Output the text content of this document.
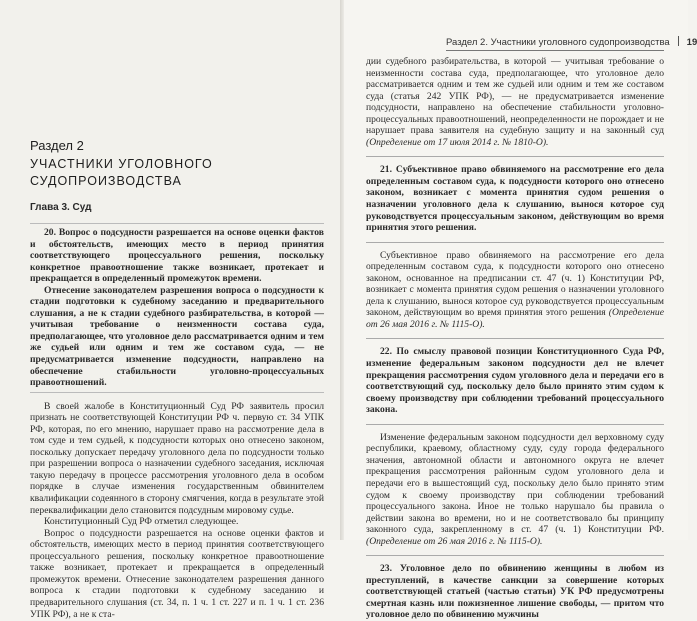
Раздел 2
УЧАСТНИКИ УГОЛОВНОГО
СУДОПРОИЗВОДСТВА
Глава 3. Суд

20. Вопрос о подсудности разрешается на основе оценки фактов и обстоятельств, имеющих место в период принятия соответствующего процессуального решения, поскольку конкретное правоотношение также возникает, протекает и прекращается в определенный промежуток времени.

Отнесение законодателем разрешения вопроса о подсудности к стадии подготовки к судебному заседанию и предварительного слушания, а не к стадии судебного разбирательства, в которой — учитывая требование о неизменности состава суда, предполагающее, что уголовное дело рассматривается одним и тем же судьей или одним и тем же составом суда, — не предусматривается изменение подсудности, направлено на обеспечение стабильности уголовно-процессуальных правоотношений.

В своей жалобе в Конституционный Суд РФ заявитель просил признать не соответствующей Конституции РФ ч. первую ст. 34 УПК РФ, которая, по его мнению, нарушает право на рассмотрение дела в том суде и тем судьей, к подсудности которых оно отнесено законом, поскольку допускает передачу уголовного дела по подсудности только при разрешении вопроса о назначении судебного заседания, исключая такую передачу в процессе рассмотрения уголовного дела в особом порядке в случае изменения государственным обвинителем квалификации содеянного в сторону смягчения, когда в результате этой переквалификации дело становится подсудным мировому судье.

Конституционный Суд РФ отметил следующее.

Вопрос о подсудности разрешается на основе оценки фактов и обстоятельств, имеющих место в период принятия соответствующего процессуального решения, поскольку конкретное правоотношение также возникает, протекает и прекращается в определенный промежуток времени. Отнесение законодателем разрешения данного вопроса к стадии подготовки к судебному заседанию и предварительного слушания (ст. 34, п. 1 ч. 1 ст. 227 и п. 1 ч. 1 ст. 236 УПК РФ), а не к ста-

Раздел 2. Участники уголовного судопроизводства 19

дии судебного разбирательства, в которой — учитывая требование о неизменности состава суда, предполагающее, что уголовное дело рассматривается одним и тем же судьей или одним и тем же составом суда (статья 242 УПК РФ), — не предусматривается изменение подсудности, направлено на обеспечение стабильности уголовно-процессуальных правоотношений, неопределенности не порождает и не нарушает права заявителя на судебную защиту и на законный суд (Определение от 17 июля 2014 г. № 1810-О).

21. Субъективное право обвиняемого на рассмотрение его дела определенным составом суда, к подсудности которого оно отнесено законом, возникает с момента принятия судом решения о назначении уголовного дела к слушанию, вынося которое суд руководствуется процессуальным законом, действующим во время принятия этого решения.

Субъективное право обвиняемого на рассмотрение его дела определенным составом суда, к подсудности которого оно отнесено законом, основанное на предписании ст. 47 (ч. 1) Конституции РФ, возникает с момента принятия судом решения о назначении уголовного дела к слушанию, вынося которое суд руководствуется процессуальным законом, действующим во время принятия этого решения (Определение от 26 мая 2016 г. № 1115-О).

22. По смыслу правовой позиции Конституционного Суда РФ, изменение федеральным законом подсудности дел не влечет прекращения рассмотрения судом уголовного дела и передачи его в соответствующий суд, поскольку дело было принято этим судом к своему производству при соблюдении требований процессуального закона.

Изменение федеральным законом подсудности дел верховному суду республики, краевому, областному суду, суду города федерального значения, автономной области и автономного округа не влечет прекращения рассмотрения районным судом уголовного дела и передачи его в вышестоящий суд, поскольку дело было принято этим судом к своему производству при соблюдении требований процессуального закона. Иное не только нарушало бы правила о действии закона во времени, но и не соответствовало бы принципу законного суда, закрепленному в ст. 47 (ч. 1) Конституции РФ. (Определение от 26 мая 2016 г. № 1115-О).

23. Уголовное дело по обвинению женщины в любом из преступлений, в качестве санкции за совершение которых соответствующей статьей (частью статьи) УК РФ предусмотрены смертная казнь или пожизненное лишение свободы, — притом что уголовное дело по обвинению мужчины
